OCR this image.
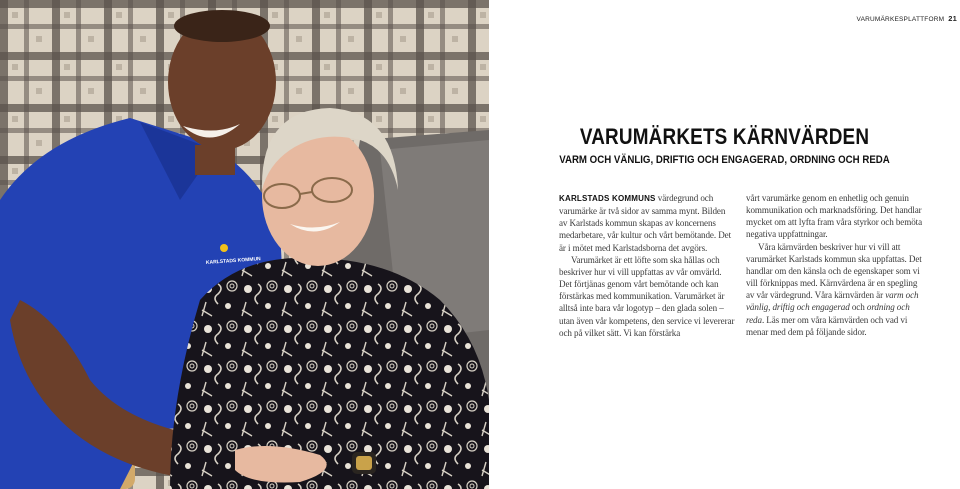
KARLSTADS KOMMUN
VARUMÄRKESPLATTFORM 21
VARUMÄRKETS KÄRNVÄRDEN
VARM OCH VÄNLIG, DRIFTIG OCH ENGAGERAD, ORDNING OCH REDA

KARLSTADS KOMMUNS värdegrund och varumärke är två sidor av samma mynt. Bilden av Karlstads kommun skapas av koncernens medarbetare, vår kultur och vårt bemötande. Det är i mötet med Karlstadsborna det avgörs.

Varumärket är ett löfte som ska hållas och beskriver hur vi vill uppfattas av vår omvärld. Det förtjänas genom vårt bemötande och kan förstärkas med kommunikation. Varumärket är alltså inte bara vår logotyp – den glada solen – utan även vår kompetens, den service vi levererar och på vilket sätt. Vi kan förstärka

vårt varumärke genom en enhetlig och genuin kommunikation och marknadsföring. Det handlar mycket om att lyfta fram våra styrkor och bemöta negativa uppfattningar.

Våra kärnvärden beskriver hur vi vill att varumärket Karlstads kommun ska uppfattas. Det handlar om den känsla och de egenskaper som vi vill förknippas med. Kärnvärdena är en spegling av vår värdegrund. Våra kärnvärden är varm och vänlig, driftig och engagerad och ordning och reda. Läs mer om våra kärnvärden och vad vi menar med dem på följande sidor.
